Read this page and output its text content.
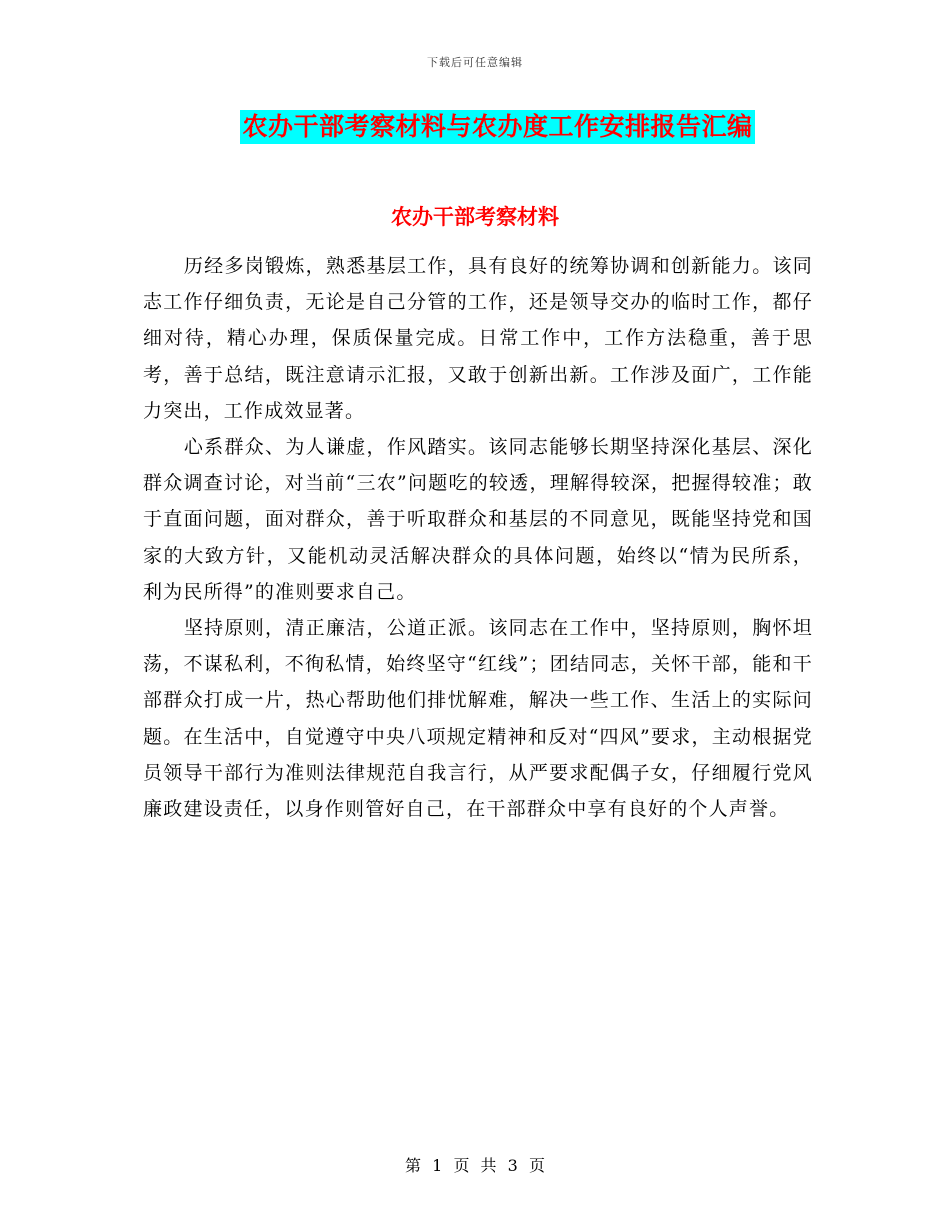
下载后可任意编辑
农办干部考察材料与农办度工作安排报告汇编
农办干部考察材料

历经多岗锻炼，熟悉基层工作，具有良好的统筹协调和创新能力。该同志工作仔细负责，无论是自己分管的工作，还是领导交办的临时工作，都仔细对待，精心办理，保质保量完成。日常工作中，工作方法稳重，善于思考，善于总结，既注意请示汇报，又敢于创新出新。工作涉及面广，工作能力突出，工作成效显著。

心系群众、为人谦虚，作风踏实。该同志能够长期坚持深化基层、深化群众调查讨论，对当前“三农”问题吃的较透，理解得较深，把握得较准；敢于直面问题，面对群众，善于听取群众和基层的不同意见，既能坚持党和国家的大致方针，又能机动灵活解决群众的具体问题，始终以“情为民所系，利为民所得”的准则要求自己。

坚持原则，清正廉洁，公道正派。该同志在工作中，坚持原则，胸怀坦荡，不谋私利，不徇私情，始终坚守“红线”；团结同志，关怀干部，能和干部群众打成一片，热心帮助他们排忧解难，解决一些工作、生活上的实际问题。在生活中，自觉遵守中央八项规定精神和反对“四风”要求，主动根据党员领导干部行为准则法律规范自我言行，从严要求配偶子女，仔细履行党风廉政建设责任，以身作则管好自己，在干部群众中享有良好的个人声誉。

第 1 页 共 3 页
